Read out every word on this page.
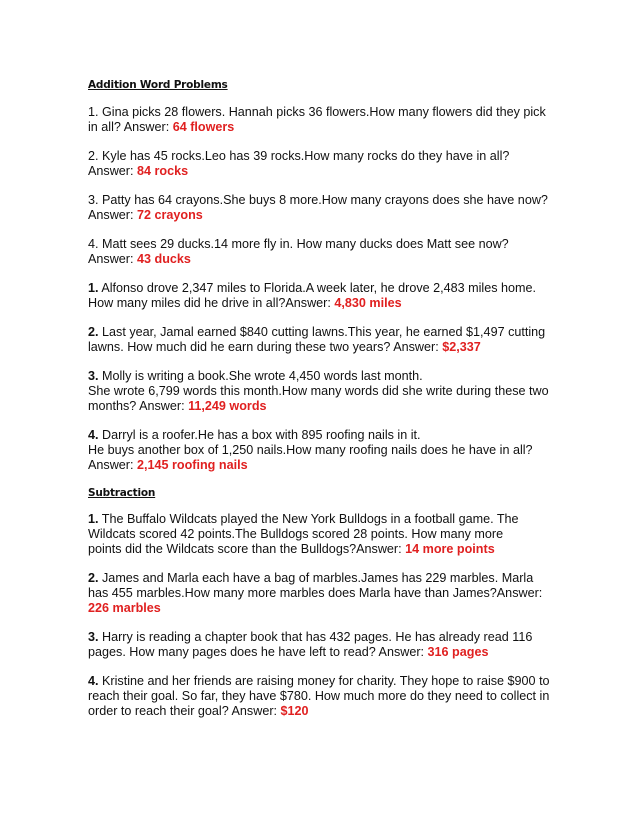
Addition Word Problems
1. Gina picks 28 flowers. Hannah picks 36 flowers.How many flowers did they pick
in all? Answer: 64 flowers
2. Kyle has 45 rocks.Leo has 39 rocks.How many rocks do they have in all?
Answer: 84 rocks
3. Patty has 64 crayons.She buys 8 more.How many crayons does she have now?
Answer: 72 crayons
4. Matt sees 29 ducks.14 more fly in. How many ducks does Matt see now?
Answer: 43 ducks
1. Alfonso drove 2,347 miles to Florida.A week later, he drove 2,483 miles home.
How many miles did he drive in all?Answer: 4,830 miles
2. Last year, Jamal earned $840 cutting lawns.This year, he earned $1,497 cutting
lawns. How much did he earn during these two years? Answer: $2,337
3. Molly is writing a book.She wrote 4,450 words last month.
She wrote 6,799 words this month.How many words did she write during these two
months? Answer: 11,249 words
4. Darryl is a roofer.He has a box with 895 roofing nails in it.
He buys another box of 1,250 nails.How many roofing nails does he have in all?
Answer: 2,145 roofing nails
Subtraction
1. The Buffalo Wildcats played the New York Bulldogs in a football game. The
Wildcats scored 42 points.The Bulldogs scored 28 points. How many more
points did the Wildcats score than the Bulldogs?Answer: 14 more points
2. James and Marla each have a bag of marbles.James has 229 marbles. Marla
has 455 marbles.How many more marbles does Marla have than James?Answer:
226 marbles
3. Harry is reading a chapter book that has 432 pages. He has already read 116
pages. How many pages does he have left to read? Answer: 316 pages
4. Kristine and her friends are raising money for charity. They hope to raise $900 to
reach their goal. So far, they have $780. How much more do they need to collect in
order to reach their goal? Answer: $120
